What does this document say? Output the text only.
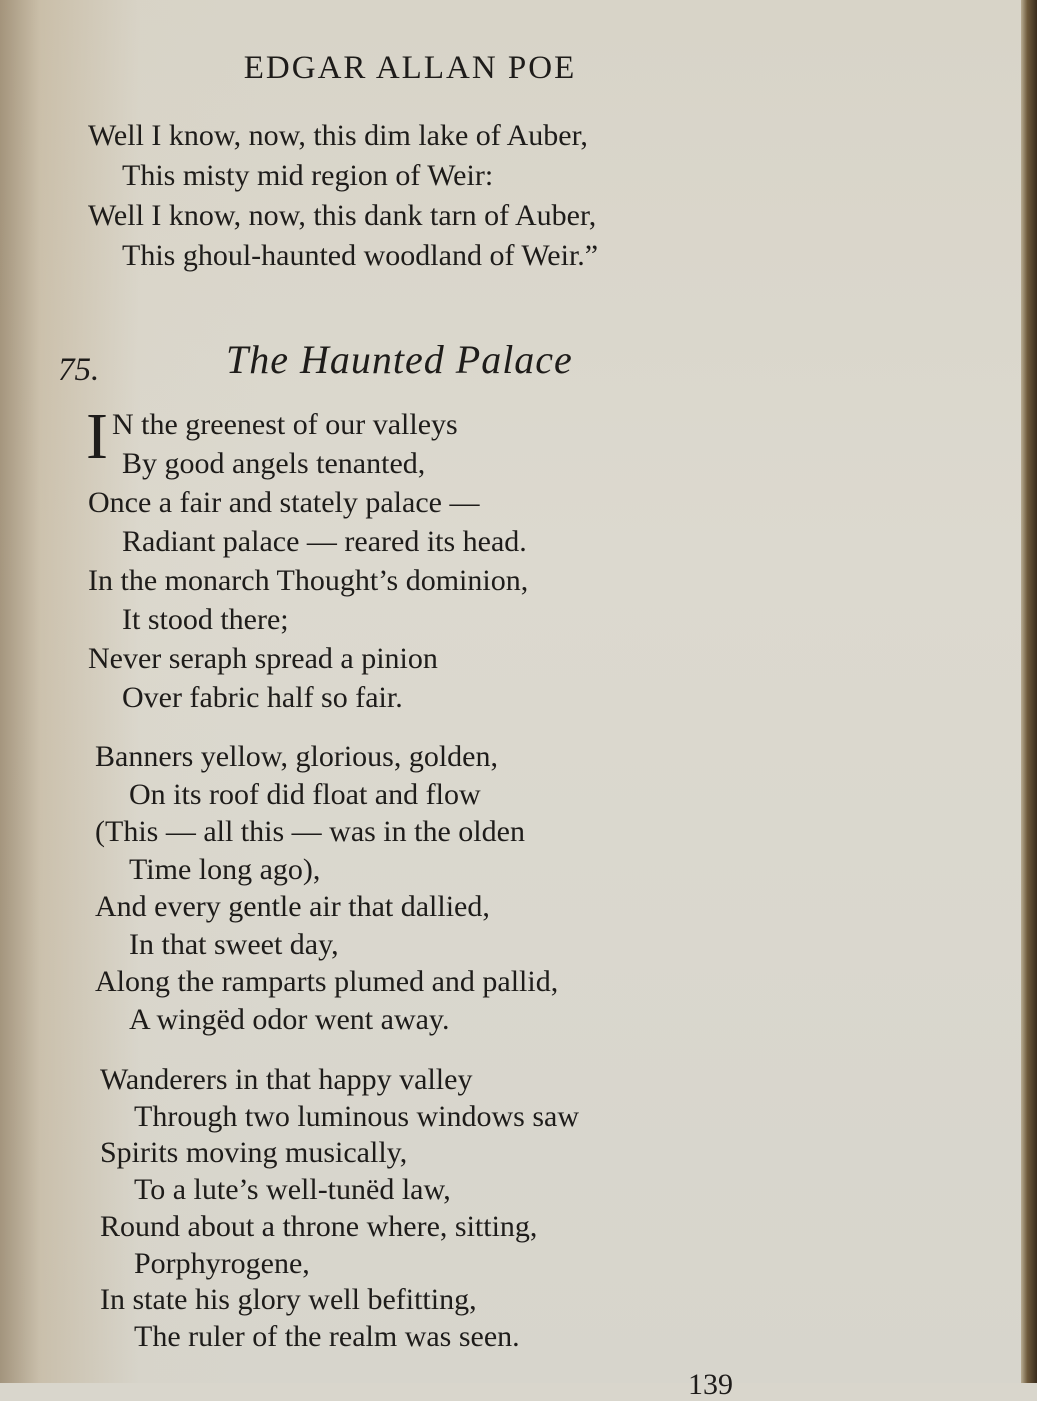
EDGAR ALLAN POE
Well I know, now, this dim lake of Auber,
This misty mid region of Weir:
Well I know, now, this dank tarn of Auber,
This ghoul-haunted woodland of Weir.”
75.	The Haunted Palace
I N the greenest of our valleys
By good angels tenanted,
Once a fair and stately palace —
Radiant palace — reared its head.
In the monarch Thought’s dominion,
It stood there;
Never seraph spread a pinion
Over fabric half so fair.
Banners yellow, glorious, golden,
On its roof did float and flow
(This — all this — was in the olden
Time long ago),
And every gentle air that dallied,
In that sweet day,
Along the ramparts plumed and pallid,
A wingëd odor went away.
Wanderers in that happy valley
Through two luminous windows saw
Spirits moving musically,
To a lute’s well-tunëd law,
Round about a throne where, sitting,
Porphyrogene,
In state his glory well befitting,
The ruler of the realm was seen.
139
